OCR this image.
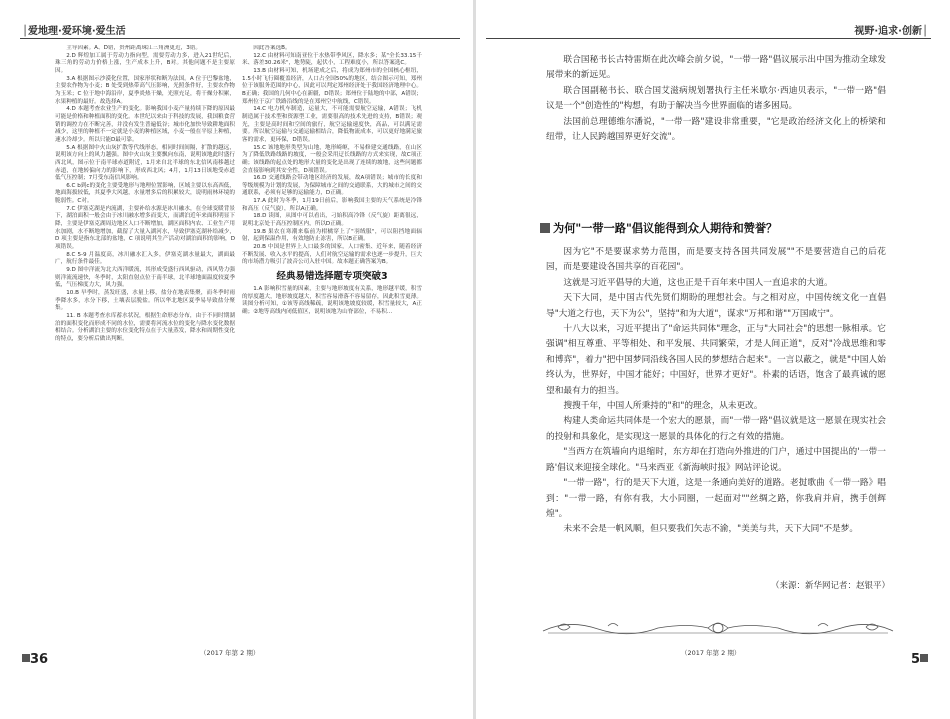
│爱地理·爱环境·爱生活

主导因素。A、D错，贵州距离珠江三角洲更近，3错。

2.D 辉煌加工属于劳动力指向型，需要劳动力多，进入21世纪后，珠三角的劳动力价格上涨，生产成本上升，B对。其他问题不是主要原因。

3.A 根据图示沙漠化位置，国家形状和断为法国。A 位于巴黎盆地，主要农作物为小麦；B 处受到热带高气压影响，光照条件好，主要农作物为玉米；C 位于地中海沿岸，夏季炎热干燥，光照充足，将干燥分积累，水果种植的最好。故选择A。

4.D 本题考查农业生产的变化。影响我国小麦产量持续下降的原因最可能是价格和种植面积的变化。本世纪以来由于科技的发展，我国粮食营销的调控力在不断完善，并没有发生普遍低谷；城市化加快导致耕地面积减少，这里的种植不一定就是小麦的种植区域，小麦一般在平原上种植，速水冷却少。所以只能D最可靠。

5.A 根据图中火山灰扩散等代线形态，相同时间间隔，扩散的越远，说明该方向上的风力越强。图中火山灰主要飘向东南，说明该地此时盛行西北风，图示位于南半球赤道附近，1月来自北半球的东北信风南移越过赤道，在地转偏向力的影响下，形成西北风；4月，1月13日该地受赤道低气压控制；7月受东南信风影响。

6.C b到c的变化主要受地形与地理位置影响，区域主要以东高西低，地面海拔较低，其夏季大风越，水量增多后的积累较大，说明雨林环境的脆弱性。C对。

7.C 伊塞克湖是内流湖，主要补给水源是冰川融水，在全球变暖背景下，湖泊面积一般会由于冰川融水增多而变大，而湖泊近年来面积明显下降，主要是伊塞克湖周边地区人口不断增加，湖区面积内农、工业生产用水加剧，水不断地增加，截留了大量入湖河水，导致伊塞克湖补给减少，D 项主要是指东北部的盆地，C 项说明其生产活动对湖泊面积的影响，D 项错误。

8.C 5-9 月温度高，冰川融水汇入多，伊塞克湖水量最大，湖面最广，航行条件最佳。

9.D 图中洋流为北大西洋暖流，其形成受盛行西风驱动，西风势力强则洋流流速快，冬季时，太阳直射点位于南半球，北半球地面温度较夏季低，气压梯度力大，风力强。

10.B 早季时，蒸发旺盛，水量上移，盐分在地表集聚，而冬季时雨季降水多，水分下移，土壤表层脱盐。所以华北地区夏季易导致盐分聚集。

11. B 本题考查水库蓄水状况，根据生命形态分布，由于不同时期湖泊的面积变化而形成不同的水位，需要将河流水位的变化与降水变化数据相结合。分析湖泊主要的水位变化特点在于大量蒸发，降水和周期性变化的特点，要分析后做出判断。

因此答案选B。

12.C 由材料可知南亚位于水热带季风区，降水多；某"全长33.15千米、落差30.26米"，地势陡，起伏小，工程难度小，所以答案选C。

13.B 由材料可知，机场建成之后，将成为郑州市的全国核心枢纽，1.5小时飞行圈覆盖经济，人口占全国50%的地区，结合图示可知，郑州位于该服务范围的中心，因此可以判定郑州经济处于我国经济地理中心。B正确；我国的几何中心在新疆，D错误；郑州位于陆地的中部，A错误；郑州位于京广铁路沿线的是在郑州空中航线，C错误。

14.C 电力机车制造，运量大，不可能需要航空运输，A错误；飞机制造属于技术型和资源型工业，需要很高的技术先进的支持，B错误；观光，主要是高时间和空间的旅行，航空运输速度快，高品，可以满足需要。所以航空运输与交通运输相结合，降低物流成本，可以更好地满足旅客的需求，更环保，D错误。

15.C 该地地形类型为山地，地形崎岖，不易修建交通线路，在山区为了降低铁路线路的坡度，一般会采用迂长线路的方式来实现，故C项正确；该线路的起点处的地形大量的变化是出现了连续的坡地，这些问题都会直接影响到其安全性，D项错误。

16.D 交通线路会带动地区经济的发展，故A项错误；城市的长度和等级规模为计划的发展，为保障城市之间的交通联系，大的城市之间的交通联系，必须有足够的运输能力，D正确。

17.A 此时为冬季，1月19日前后，影响我国主要的天气系统是冷锋和高压（反气旋），所以A正确。

18.D 读图，从图中可以看出，刁始积高冷锋（反气旋）距离很远，说明北京处于高压控制区内，所以D正确。

19.B 果农在寒潮来临前为柑橘穿上了"羽绒服"，可以阻挡地面辐射，起到保温作用，有效地防止冻害，所以B正确。

20.B 中国是世界上人口最多的国家，人口密集、近年来，随着经济不断发展、收入水平的提高，人们对航空运输的需求也逐一步提升，巨大的市场潜力吸引了波音公司入驻中国。故本题正确答案为B。

经典易错选择题专项突破3

1.A 影响积雪量的因素，主要与地形坡度有关系，地形越平缓，积雪的厚度越大，地形坡度越大，积雪容易滑落不容易留存，因此积雪更薄。读图分析可知，①该等高线稀疏，说明该地坡度较缓，积雪量较大，A正确；②地等高线内闭低值区，说明该地为山脊部位，不易积...

（2017 年第 2 期）
36
视野·追求·创新│

联合国秘书长古特雷斯在此次峰会前夕说，"一带一路"倡议展示出中国为推动全球发展带来的新远见。

联合国副秘书长、联合国艾滋病规划署执行主任米歇尔·西迪贝表示，"一带一路"倡议是一个"创造性的"构想，有助于解决当今世界面临的诸多困局。

法国前总理德维尔潘说，"一带一路"建设非常重要，"它是政治经济文化上的桥梁和纽带，让人民跨越国界更好交流"。

为何"一带一路"倡议能得到众人期待和赞誉？

因为它"不是要谋求势力范围，而是要支持各国共同发展""不是要营造自己的后花园，而是要建设各国共享的百花园"。

这就是习近平倡导的大道，这也正是千百年来中国人一直追求的大道。

天下大同，是中国古代先贤们期盼的理想社会。与之相对应，中国传统文化一直倡导"大道之行也，天下为公"，坚持"和为大道"，谋求"万邦和谐""万国咸宁"。

十八大以来，习近平提出了"命运共同体"理念，正与"大同社会"的思想一脉相承。它强调"相互尊重、平等相处、和平发展、共同繁荣，才是人间正道"，反对"冷战思维和零和博弈"，着力"把中国梦同沿线各国人民的梦想结合起来"。一言以蔽之，就是"中国人始终认为，世界好，中国才能好；中国好，世界才更好"。朴素的话语，饱含了最真诚的愿望和最有力的担当。

搜搜千年，中国人所秉持的"和"的理念，从未更改。

构建人类命运共同体是一个宏大的愿景，而"一带一路"倡议就是这一愿景在现实社会的投射和具象化，是实现这一愿景的具体化的行之有效的措施。

"当西方在筑墙向内退缩时，东方却在打造向外推进的门户，通过中国提出的'一带一路'倡议来迎接全球化。"马来西亚《新海峡时报》网站评论说。

"一带一路"，行的是天下大道，这是一条通向美好的道路。老挝歌曲《一带一路》唱到："一带一路，有你有我，大小同圈，一起面对""丝绸之路，你我肩并肩，携手创辉煌"。

未来不会是一帆风顺，但只要我们矢志不渝，"美美与共，天下大同"不是梦。

（来源：新华网记者：赵银平）
（2017 年第 2 期）	5
